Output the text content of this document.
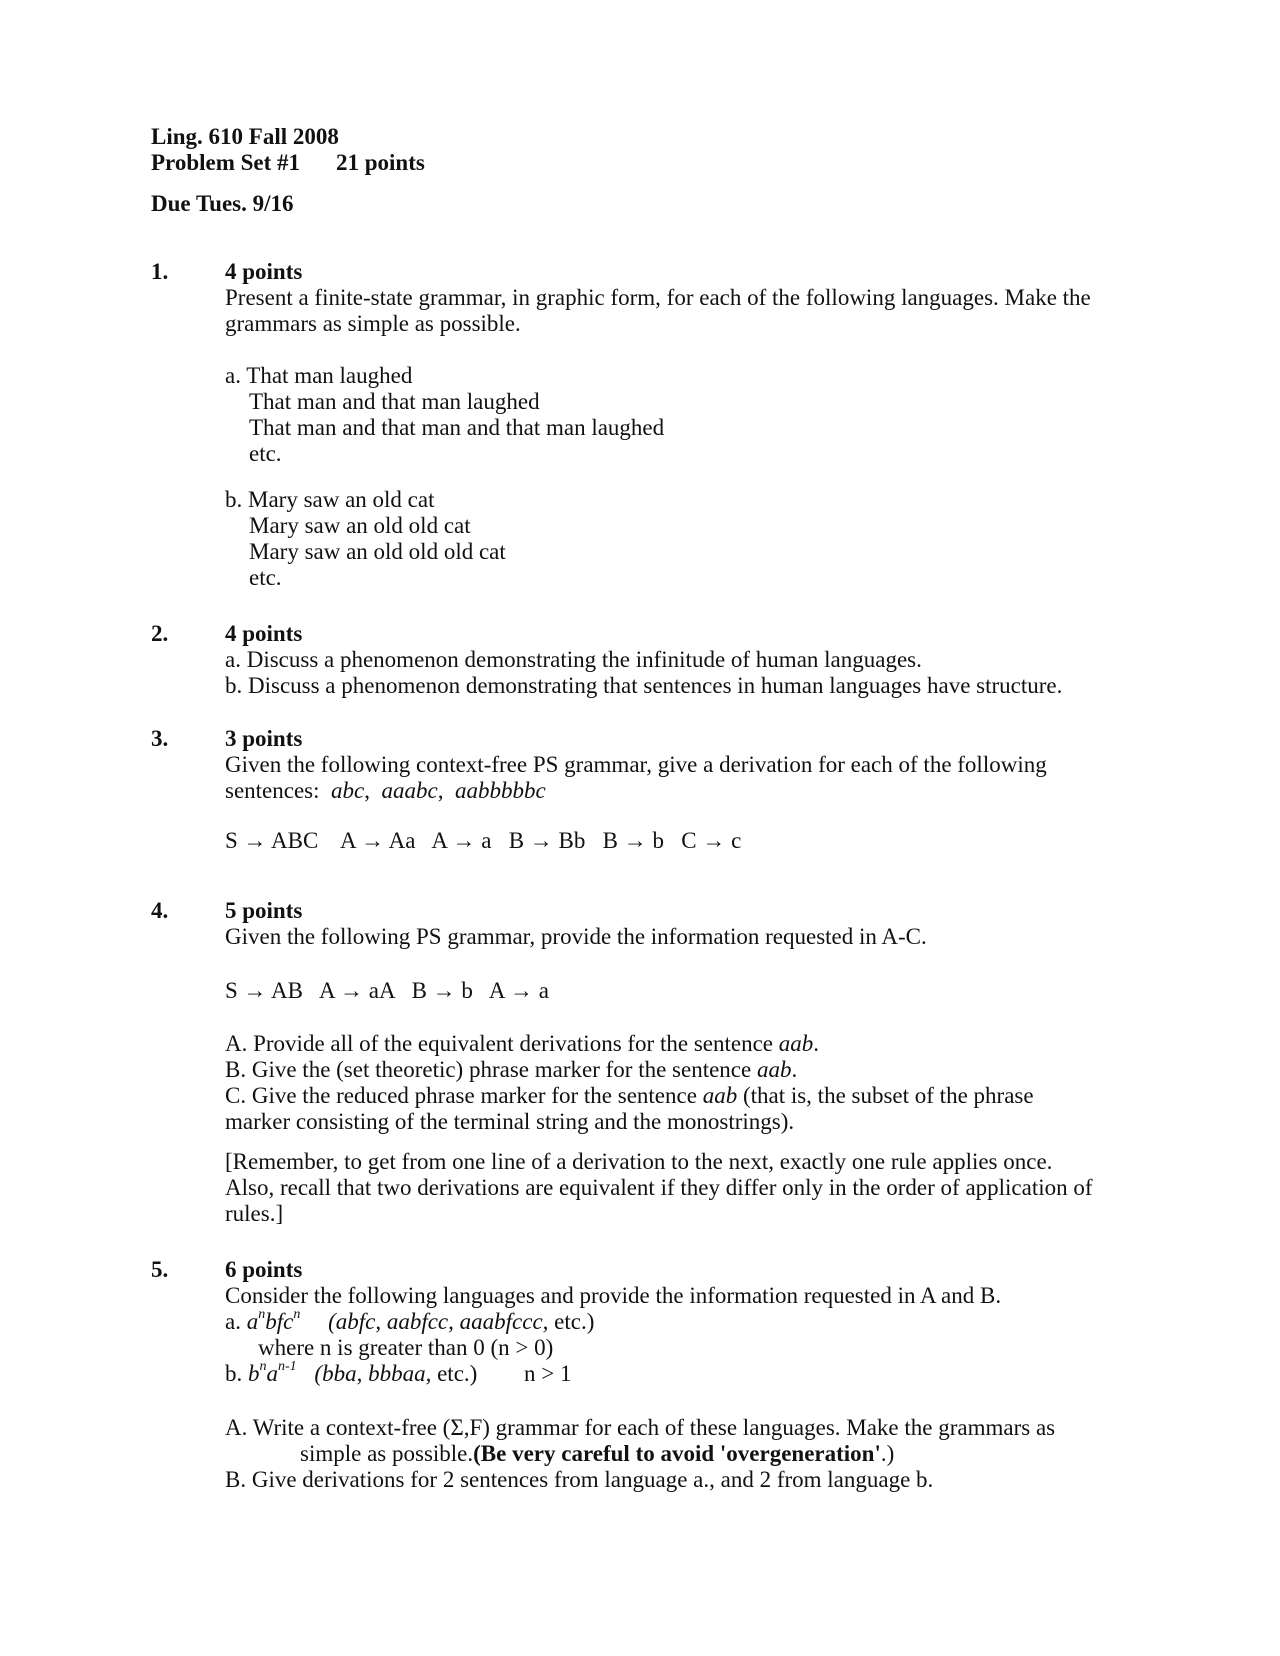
Ling. 610 Fall 2008
Problem Set #1 21 points
Due Tues. 9/16
1. 4 points
Present a finite-state grammar, in graphic form, for each of the following languages. Make the
grammars as simple as possible.
a. That man laughed
That man and that man laughed
That man and that man and that man laughed
etc.
b. Mary saw an old cat
Mary saw an old old cat
Mary saw an old old old cat
etc.
2. 4 points
a. Discuss a phenomenon demonstrating the infinitude of human languages.
b. Discuss a phenomenon demonstrating that sentences in human languages have structure.
3. 3 points
Given the following context-free PS grammar, give a derivation for each of the following
sentences: abc,  aaabc,  aabbbbbc
S → ABC    A → Aa   A → a   B → Bb   B → b   C → c
4. 5 points
Given the following PS grammar, provide the information requested in A-C.
S → AB   A → aA   B → b   A → a
A. Provide all of the equivalent derivations for the sentence aab.
B. Give the (set theoretic) phrase marker for the sentence aab.
C. Give the reduced phrase marker for the sentence aab (that is, the subset of the phrase
marker consisting of the terminal string and the monostrings).
[Remember, to get from one line of a derivation to the next, exactly one rule applies once.
Also, recall that two derivations are equivalent if they differ only in the order of application of
rules.]
5. 6 points
Consider the following languages and provide the information requested in A and B.
a. $a^nbfc^n$ (abfc, aabfcc, aaabfccc, etc.)
where n is greater than 0 (n > 0)
b. $b^na^{n-1}$ (bba, bbbaa, etc.) n > 1
A. Write a context-free (Σ,F) grammar for each of these languages. Make the grammars as
simple as possible.(Be very careful to avoid 'overgeneration'.)
B. Give derivations for 2 sentences from language a., and 2 from language b.
